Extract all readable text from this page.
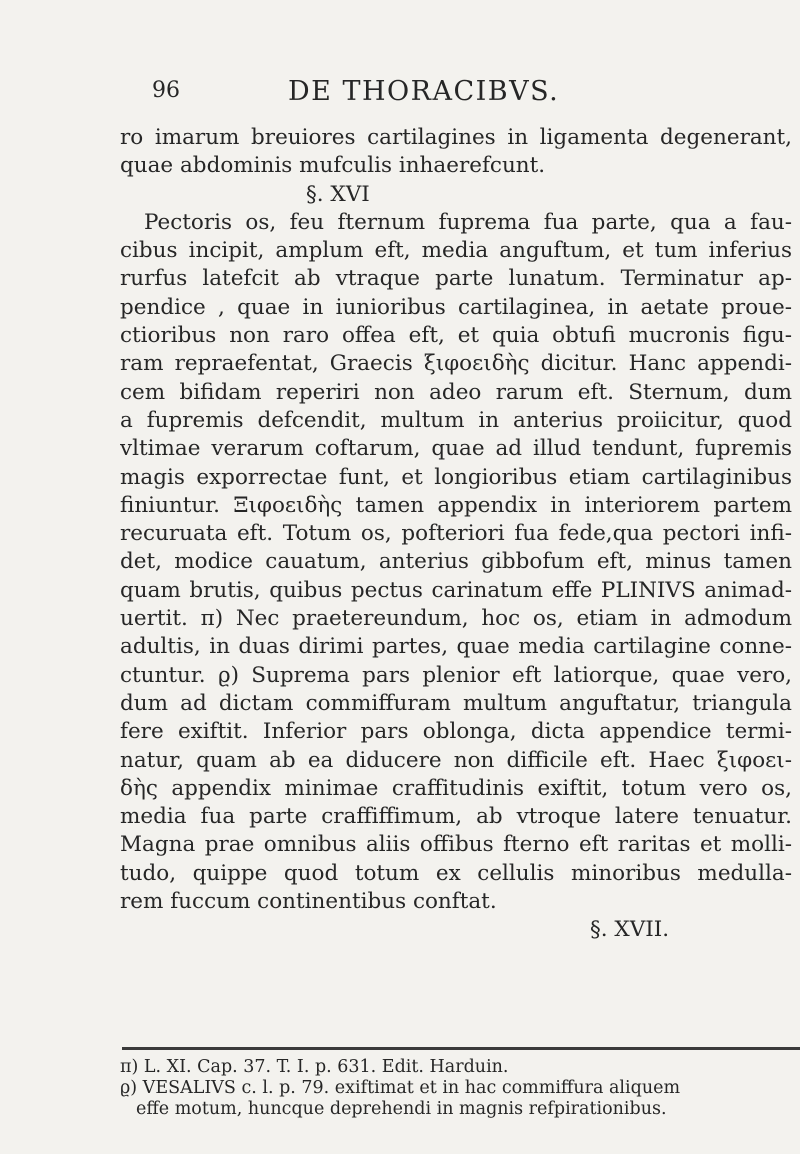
96	DE THORACIBVS.
ro imarum breuiores cartilagines in ligamenta degenerant,
quae abdominis mufculis inhaerefcunt.
§. XVI
Pectoris os, feu fternum fuprema fua parte, qua a fau-
cibus incipit, amplum eft, media anguftum, et tum inferius
rurfus latefcit ab vtraque parte lunatum. Terminatur ap-
pendice , quae in iunioribus cartilaginea, in aetate proue-
ctioribus non raro offea eft, et quia obtufi mucronis figu-
ram repraefentat, Graecis ξιφοειδὴς dicitur. Hanc appendi-
cem bifidam reperiri non adeo rarum eft. Sternum, dum
a fupremis defcendit, multum in anterius proiicitur, quod
vltimae verarum coftarum, quae ad illud tendunt, fupremis
magis exporrectae funt, et longioribus etiam cartilaginibus
finiuntur. Ξιφοειδὴς tamen appendix in interiorem partem
recuruata eft. Totum os, pofteriori fua fede,qua pectori infi-
det, modice cauatum, anterius gibbofum eft, minus tamen
quam brutis, quibus pectus carinatum effe PLINIVS animad-
uertit. π) Nec praetereundum, hoc os, etiam in admodum
adultis, in duas dirimi partes, quae media cartilagine conne-
ctuntur. ϱ) Suprema pars plenior eft latiorque, quae vero,
dum ad dictam commiffuram multum anguftatur, triangula
fere exiftit. Inferior pars oblonga, dicta appendice termi-
natur, quam ab ea diducere non difficile eft. Haec ξιφοει-
δὴς appendix minimae craffitudinis exiftit, totum vero os,
media fua parte craffiffimum, ab vtroque latere tenuatur.
Magna prae omnibus aliis offibus fterno eft raritas et molli-
tudo, quippe quod totum ex cellulis minoribus medulla-
rem fuccum continentibus conftat.
§. XVII.
π) L. XI. Cap. 37. T. I. p. 631. Edit. Harduin.
ϱ) VESALIVS c. l. p. 79. exiftimat et in hac commiffura aliquem
effe motum, huncque deprehendi in magnis refpirationibus.
